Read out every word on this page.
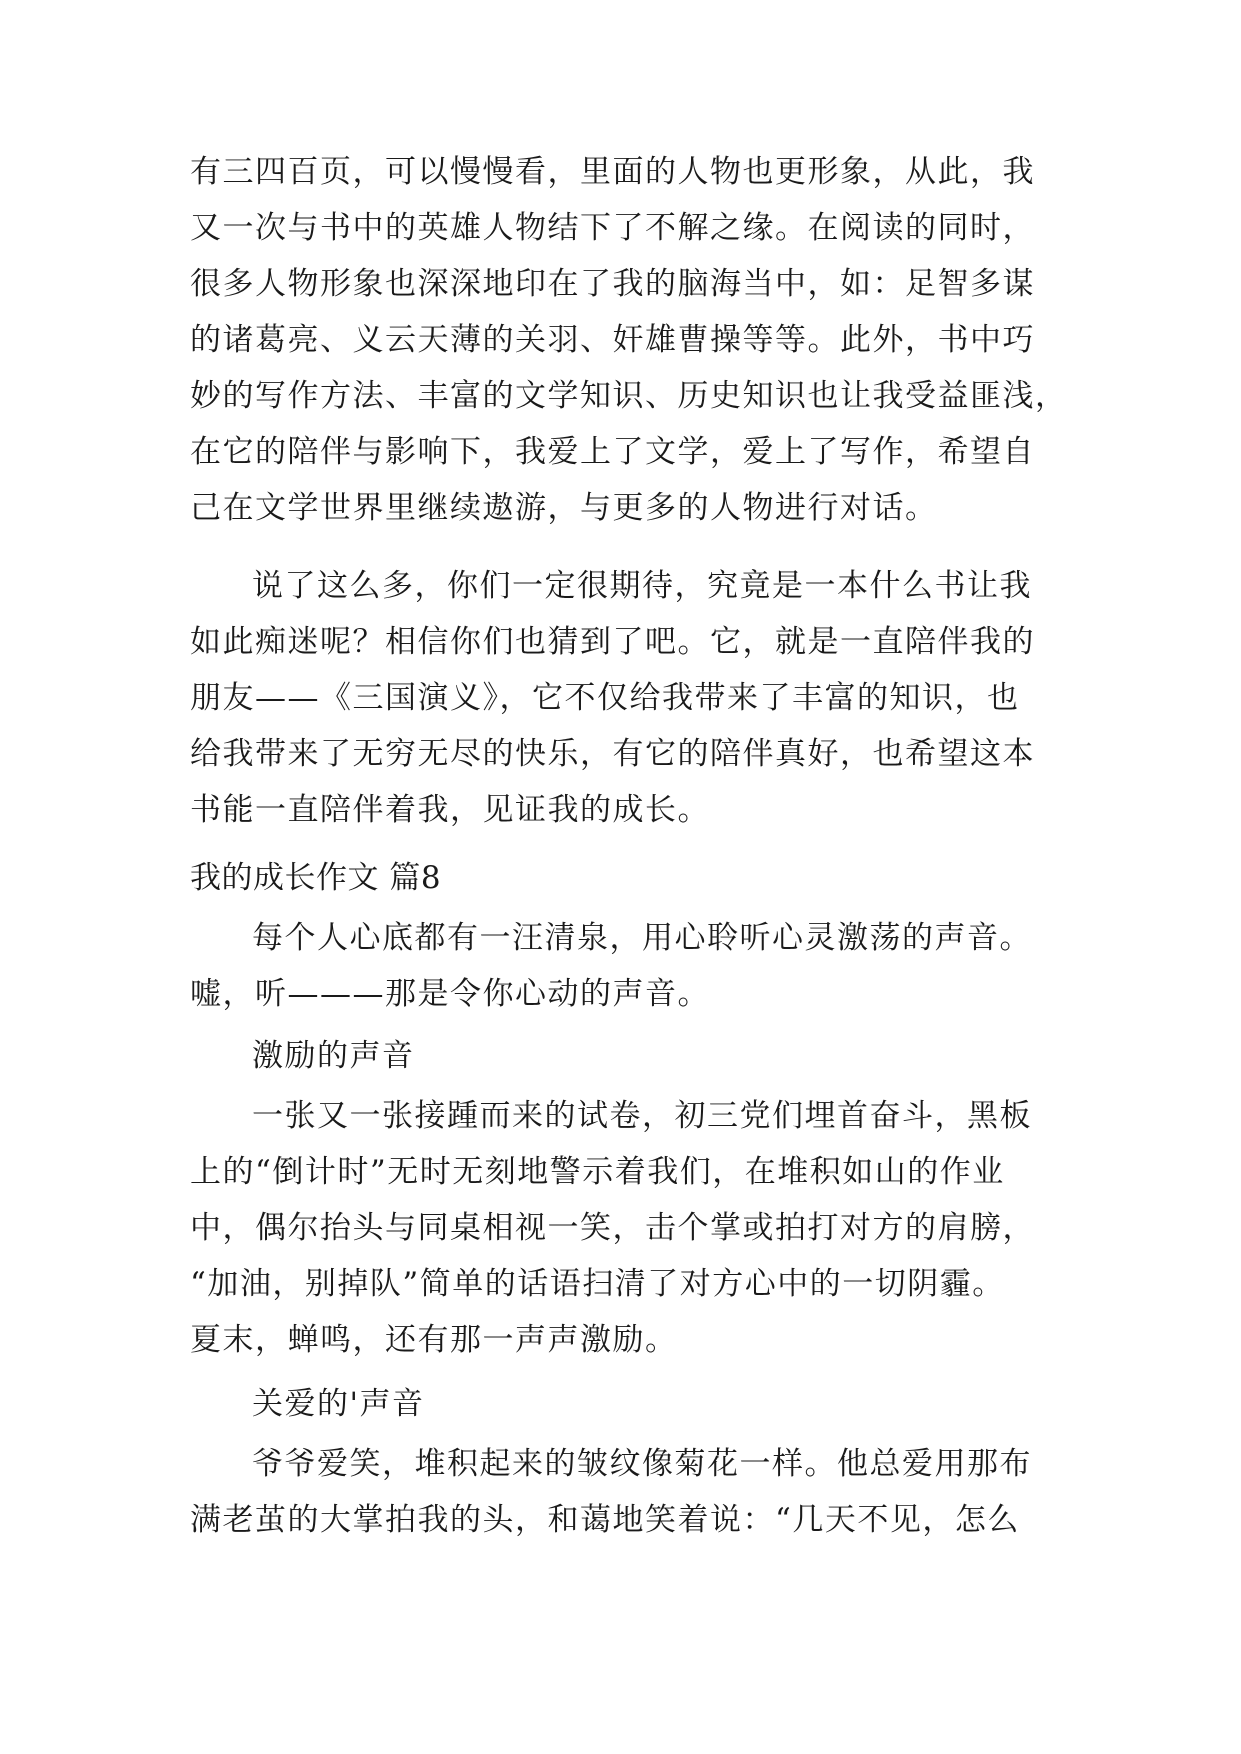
有三四百页，可以慢慢看，里面的人物也更形象，从此，我

又一次与书中的英雄人物结下了不解之缘。在阅读的同时，

很多人物形象也深深地印在了我的脑海当中，如：足智多谋

的诸葛亮、义云天薄的关羽、奸雄曹操等等。此外，书中巧

妙的写作方法、丰富的文学知识、历史知识也让我受益匪浅，

在它的陪伴与影响下，我爱上了文学，爱上了写作，希望自

己在文学世界里继续遨游，与更多的人物进行对话。

说了这么多，你们一定很期待，究竟是一本什么书让我

如此痴迷呢？相信你们也猜到了吧。它，就是一直陪伴我的

朋友——《三国演义》，它不仅给我带来了丰富的知识，也

给我带来了无穷无尽的快乐，有它的陪伴真好，也希望这本

书能一直陪伴着我，见证我的成长。

我的成长作文 篇8

每个人心底都有一汪清泉，用心聆听心灵激荡的声音。

嘘，听———那是令你心动的声音。

激励的声音

一张又一张接踵而来的试卷，初三党们埋首奋斗，黑板

上的“倒计时”无时无刻地警示着我们，在堆积如山的作业

中，偶尔抬头与同桌相视一笑，击个掌或拍打对方的肩膀，

“加油，别掉队”简单的话语扫清了对方心中的一切阴霾。

夏末，蝉鸣，还有那一声声激励。

关爱的'声音

爷爷爱笑，堆积起来的皱纹像菊花一样。他总爱用那布

满老茧的大掌拍我的头，和蔼地笑着说：“几天不见，怎么
